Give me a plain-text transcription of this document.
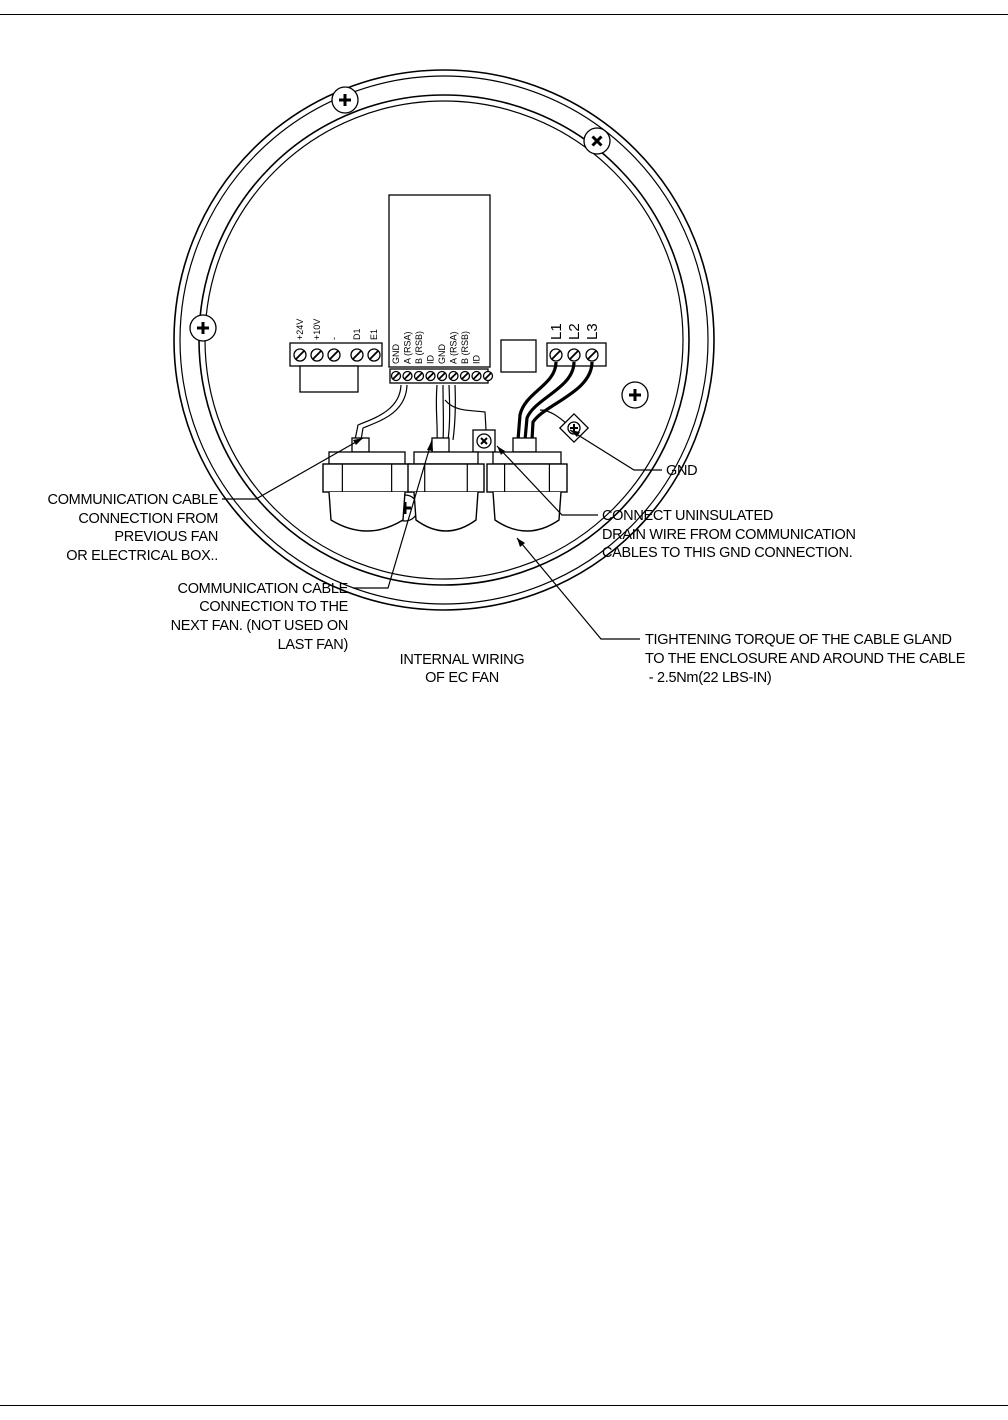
+24V +10V - D1 E1
GND A (RSA) B (RSB) ID GND A (RSA) B (RSB) ID
L1 L2 L3
COMMUNICATION CABLE
CONNECTION FROM
PREVIOUS FAN
OR ELECTRICAL BOX..
COMMUNICATION CABLE
CONNECTION TO THE
NEXT FAN. (NOT USED ON
LAST FAN)
INTERNAL WIRING
OF EC FAN
GND
CONNECT UNINSULATED
DRAIN WIRE FROM COMMUNICATION
CABLES TO THIS GND CONNECTION.
TIGHTENING TORQUE OF THE CABLE GLAND
TO THE ENCLOSURE AND AROUND THE CABLE
- 2.5Nm(22 LBS-IN)
